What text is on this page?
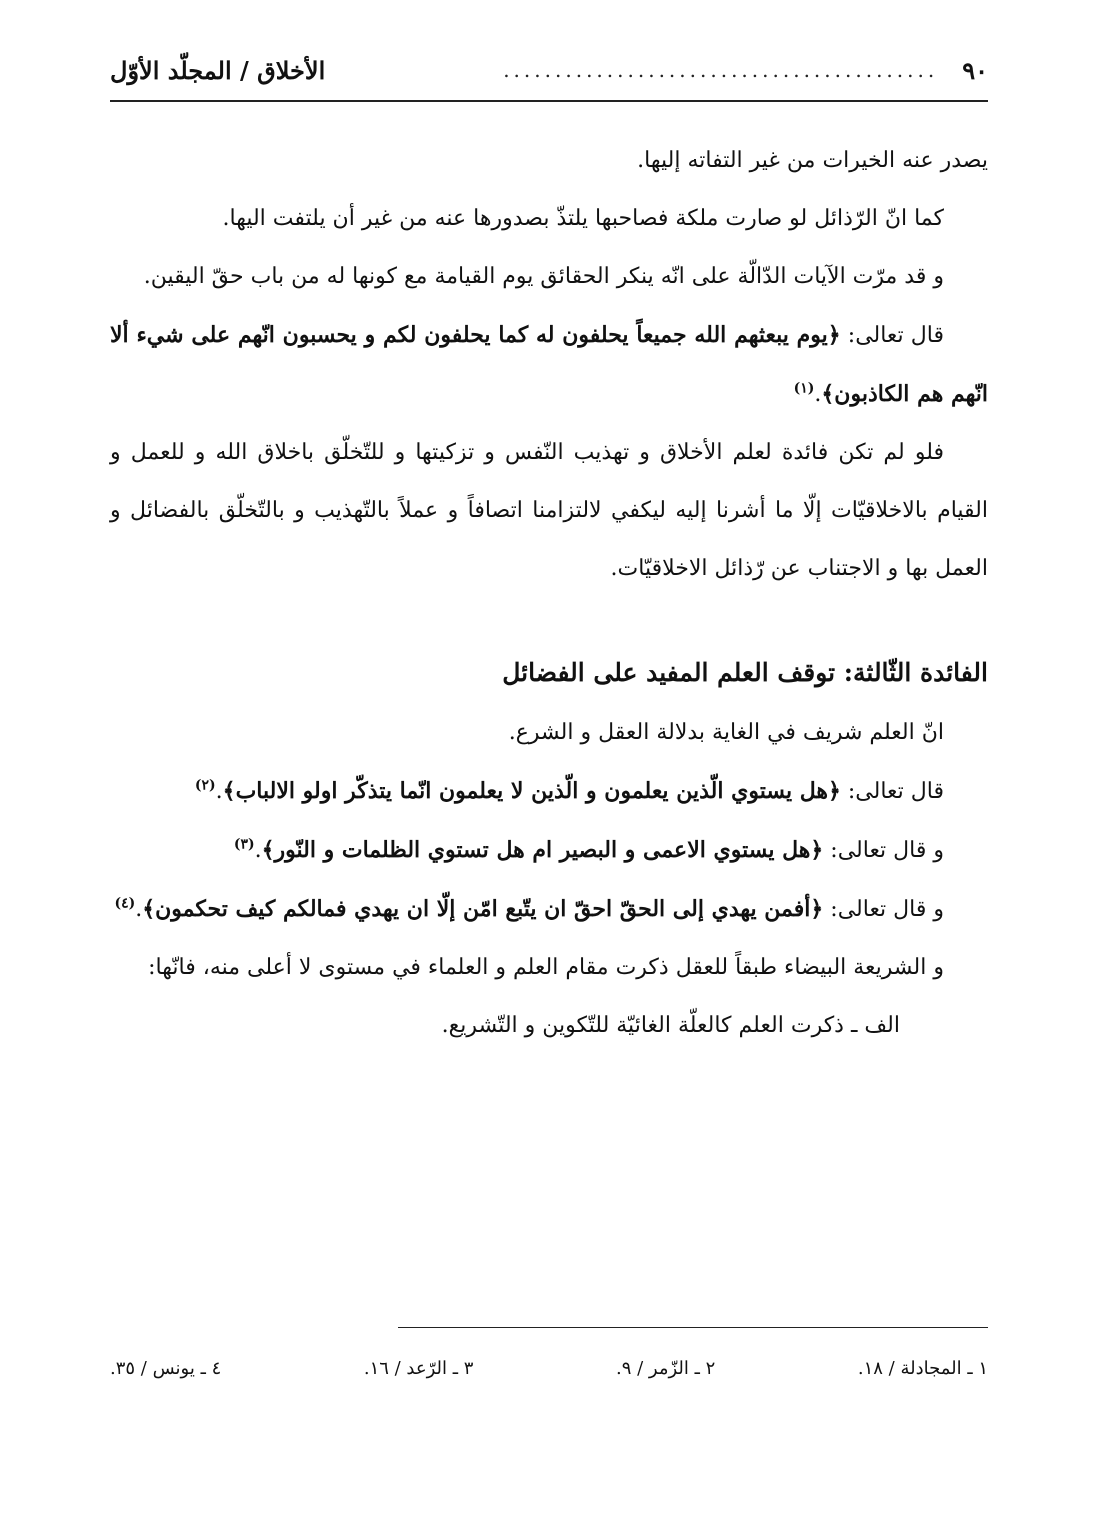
٩٠
..........................................
الأخلاق / المجلّد الأوّل

يصدر عنه الخيرات من غير التفاته إليها.

كما انّ الرّذائل لو صارت ملكة فصاحبها يلتذّ بصدورها عنه من غير أن يلتفت اليها.

و قد مرّت الآيات الدّالّة على انّه ينكر الحقائق يوم القيامة مع كونها له من باب حقّ اليقين.

قال تعالى: ﴿يوم يبعثهم الله جميعاً يحلفون له كما يحلفون لكم و يحسبون انّهم على شيء ألا انّهم هم الكاذبون﴾.$^{(١)}$

فلو لم تكن فائدة لعلم الأخلاق و تهذيب النّفس و تزكيتها و للتّخلّق باخلاق الله و للعمل و القيام بالاخلاقيّات إلّا ما أشرنا إليه ليكفي لالتزامنا اتصافاً و عملاً بالتّهذيب و بالتّخلّق بالفضائل و العمل بها و الاجتناب عن رّذائل الاخلاقيّات.

الفائدة الثّالثة: توقف العلم المفيد على الفضائل

انّ العلم شريف في الغاية بدلالة العقل و الشرع.

قال تعالى: ﴿هل يستوي الّذين يعلمون و الّذين لا يعلمون انّما يتذكّر اولو الالباب﴾.$^{(٢)}$

و قال تعالى: ﴿هل يستوي الاعمى و البصير ام هل تستوي الظلمات و النّور﴾.$^{(٣)}$

و قال تعالى: ﴿أفمن يهدي إلى الحقّ احقّ ان يتّبع امّن إلّا ان يهدي فمالكم كيف تحكمون﴾.$^{(٤)}$

و الشريعة البيضاء طبقاً للعقل ذكرت مقام العلم و العلماء في مستوى لا أعلى منه، فانّها:

الف ـ ذكرت العلم كالعلّة الغائيّة للتّكوين و التّشريع.

١ ـ المجادلة / ١٨.
٢ ـ الزّمر / ٩.
٣ ـ الرّعد / ١٦.
٤ ـ يونس / ٣٥.
